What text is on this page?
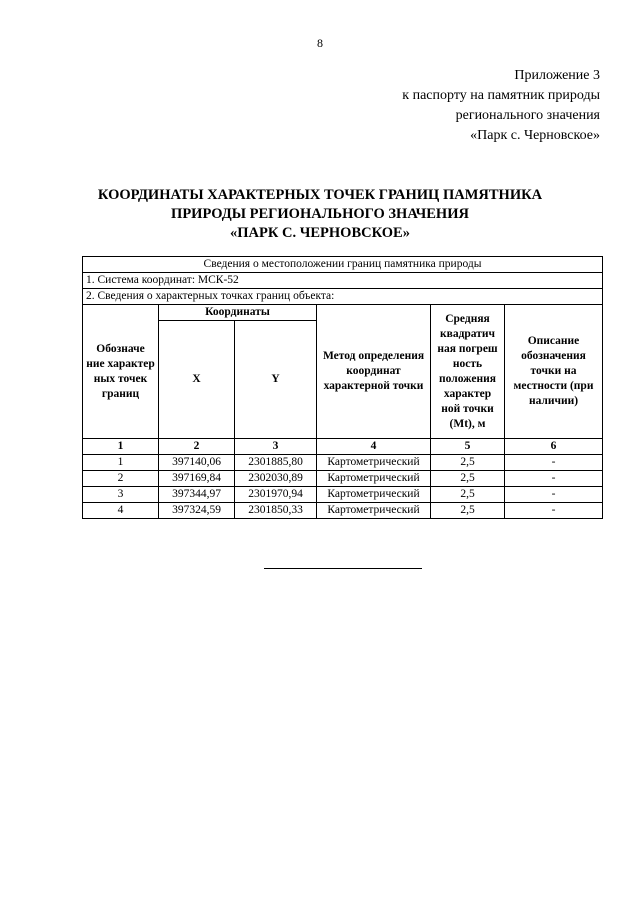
8
Приложение 3
к паспорту на памятник природы
регионального значения
«Парк с. Черновское»
КООРДИНАТЫ ХАРАКТЕРНЫХ ТОЧЕК ГРАНИЦ ПАМЯТНИКА
ПРИРОДЫ РЕГИОНАЛЬНОГО ЗНАЧЕНИЯ
«ПАРК С. ЧЕРНОВСКОЕ»
Сведения о местоположении границ памятника природы					
1. Система координат: МСК-52					
2. Сведения о характерных точках границ объекта:					
Обозначе ние характер ных точек границ	Координаты		Метод определения координат характерной точки	Средняя квадратич ная погреш ность положения характер ной точки (Mt), м	Описание обозначения точки на местности (при наличии)
	X	Y			
1	2	3	4	5	6
1	397140,06	2301885,80	Картометрический	2,5	-
2	397169,84	2302030,89	Картометрический	2,5	-
3	397344,97	2301970,94	Картометрический	2,5	-
4	397324,59	2301850,33	Картометрический	2,5	-
